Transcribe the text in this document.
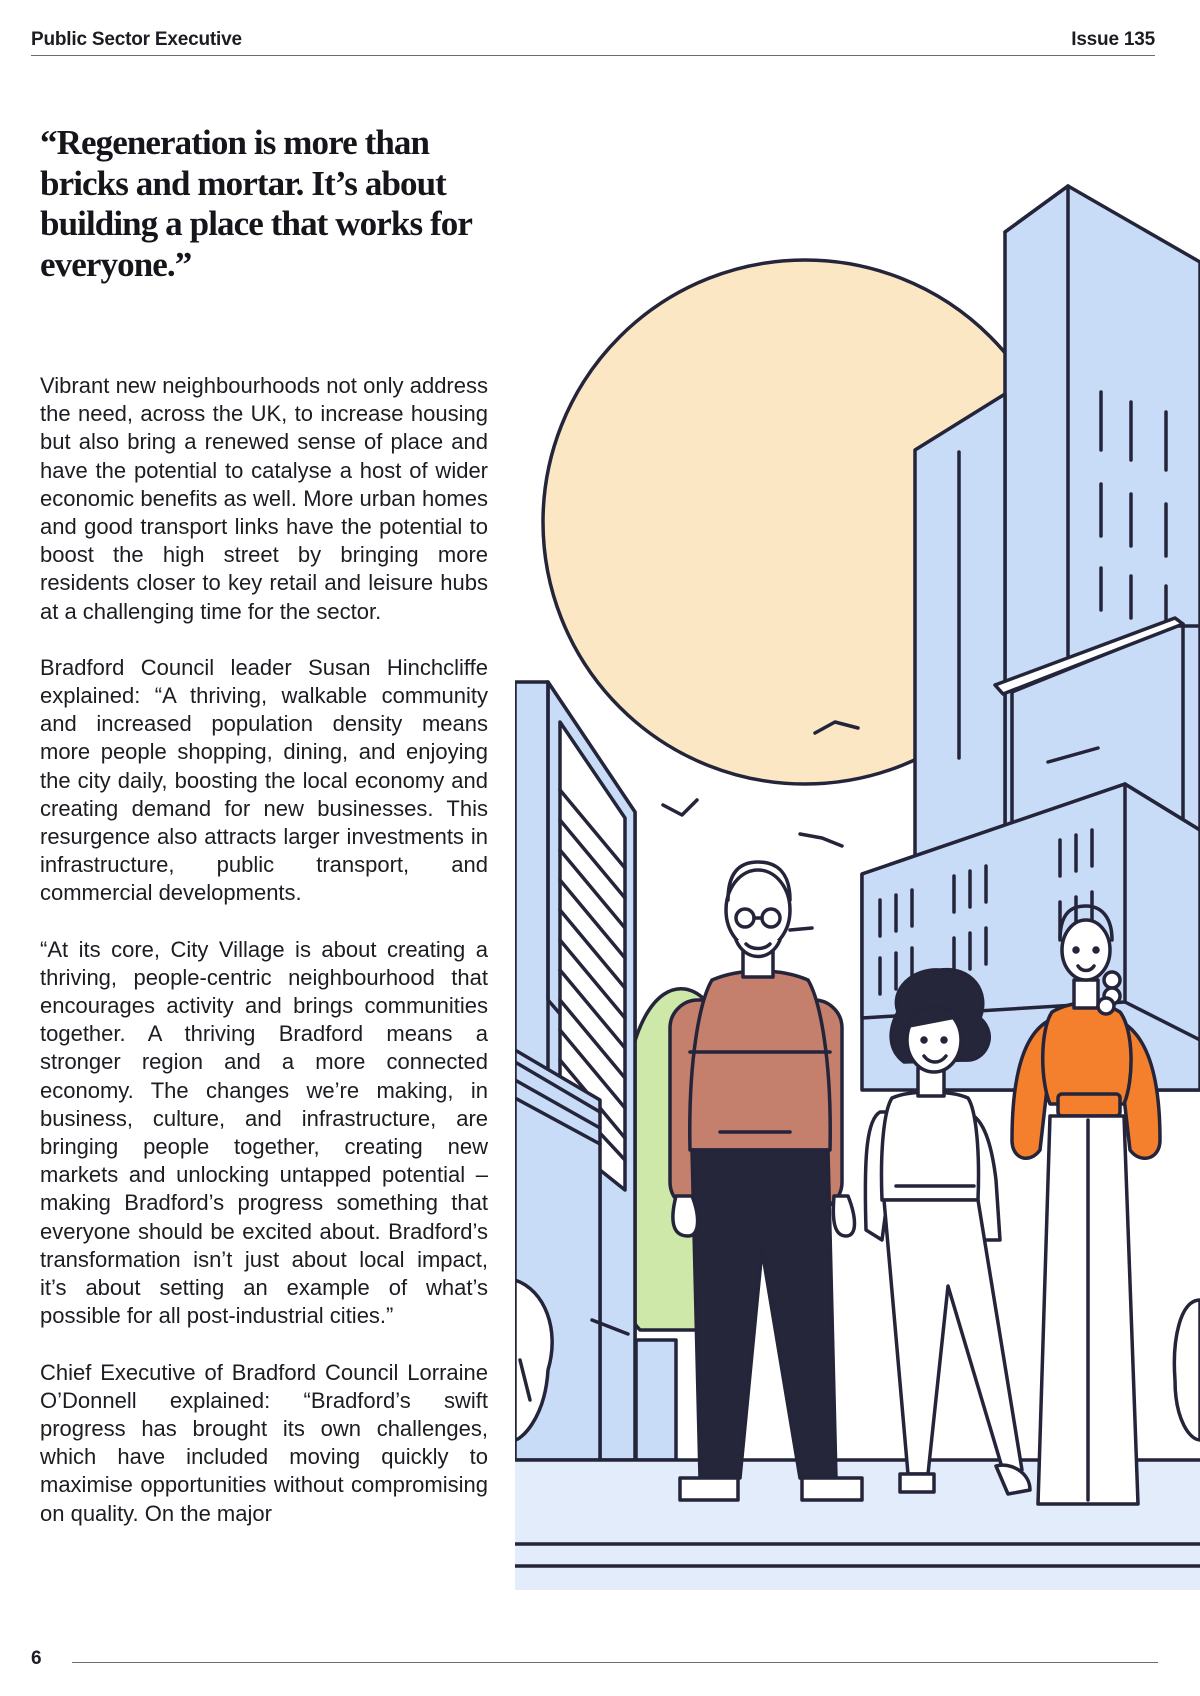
Public Sector Executive	Issue 135
“Regeneration is more than bricks and mortar. It’s about building a place that works for everyone.”

Vibrant new neighbourhoods not only address the need, across the UK, to increase housing but also bring a renewed sense of place and have the potential to catalyse a host of wider economic benefits as well. More urban homes and good transport links have the potential to boost the high street by bringing more residents closer to key retail and leisure hubs at a challenging time for the sector.

Bradford Council leader Susan Hinchcliffe explained: “A thriving, walkable community and increased population density means more people shopping, dining, and enjoying the city daily, boosting the local economy and creating demand for new businesses. This resurgence also attracts larger investments in infrastructure, public transport, and commercial developments.

“At its core, City Village is about creating a thriving, people-centric neighbourhood that encourages activity and brings communities together. A thriving Bradford means a stronger region and a more connected economy. The changes we’re making, in business, culture, and infrastructure, are bringing people together, creating new markets and unlocking untapped potential – making Bradford’s progress something that everyone should be excited about. Bradford’s transformation isn’t just about local impact, it’s about setting an example of what’s possible for all post-industrial cities.”

Chief Executive of Bradford Council Lorraine O’Donnell explained: “Bradford’s swift progress has brought its own challenges, which have included moving quickly to maximise opportunities without compromising on quality. On the major

6
